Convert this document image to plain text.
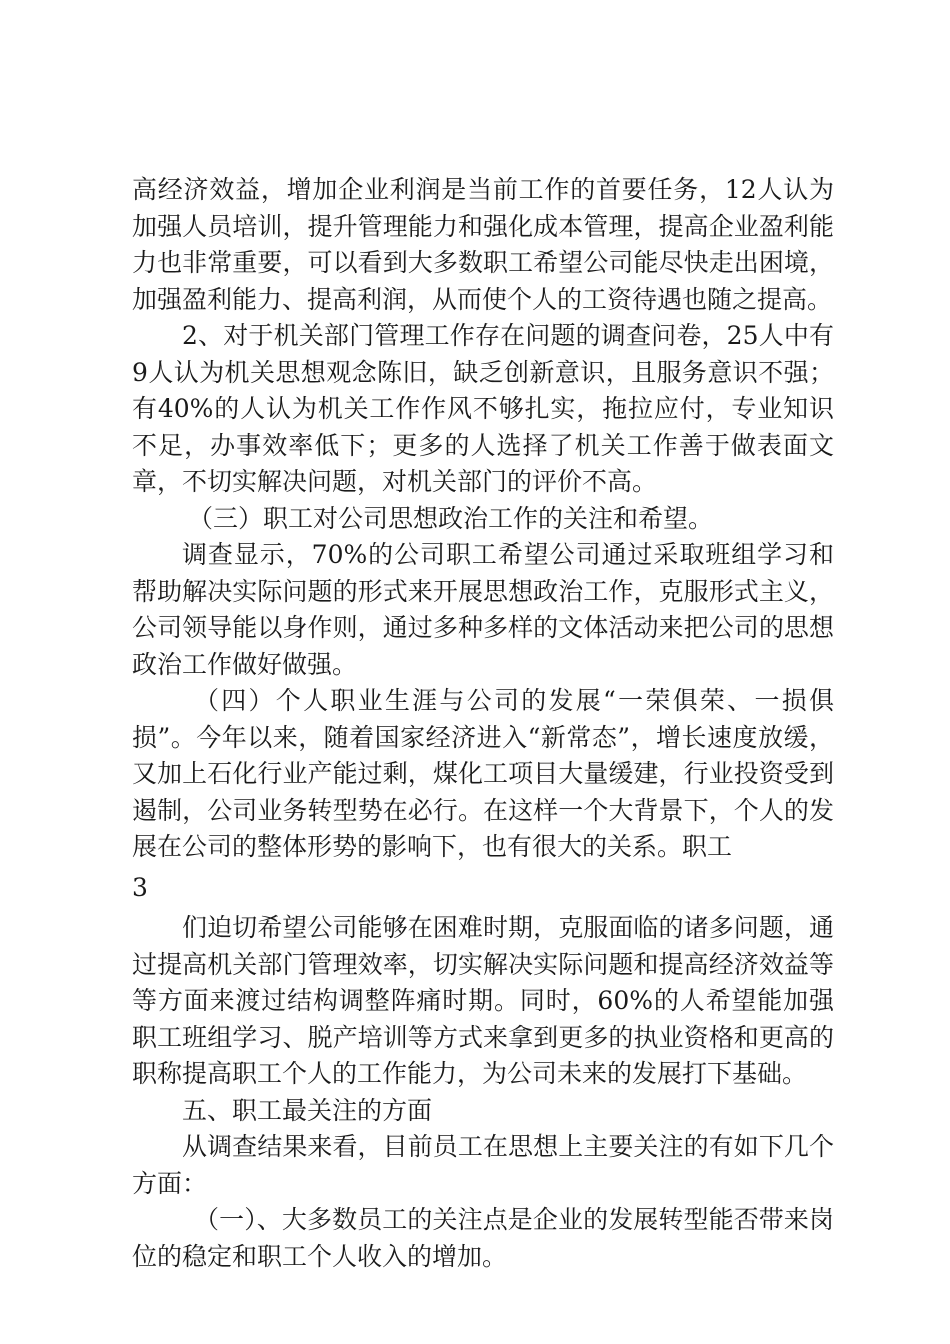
高经济效益，增加企业利润是当前工作的首要任务，12人认为加强人员培训，提升管理能力和强化成本管理，提高企业盈利能力也非常重要，可以看到大多数职工希望公司能尽快走出困境，加强盈利能力、提高利润，从而使个人的工资待遇也随之提高。

2、对于机关部门管理工作存在问题的调查问卷，25人中有9人认为机关思想观念陈旧，缺乏创新意识，且服务意识不强；有40%的人认为机关工作作风不够扎实，拖拉应付，专业知识不足，办事效率低下；更多的人选择了机关工作善于做表面文章，不切实解决问题，对机关部门的评价不高。

（三）职工对公司思想政治工作的关注和希望。

调查显示，70%的公司职工希望公司通过采取班组学习和帮助解决实际问题的形式来开展思想政治工作，克服形式主义，公司领导能以身作则，通过多种多样的文体活动来把公司的思想政治工作做好做强。

（四）个人职业生涯与公司的发展“一荣俱荣、一损俱损”。今年以来，随着国家经济进入“新常态”，增长速度放缓，又加上石化行业产能过剩，煤化工项目大量缓建，行业投资受到遏制，公司业务转型势在必行。在这样一个大背景下，个人的发展在公司的整体形势的影响下，也有很大的关系。职工

3

们迫切希望公司能够在困难时期，克服面临的诸多问题，通过提高机关部门管理效率，切实解决实际问题和提高经济效益等等方面来渡过结构调整阵痛时期。同时，60%的人希望能加强职工班组学习、脱产培训等方式来拿到更多的执业资格和更高的职称提高职工个人的工作能力，为公司未来的发展打下基础。

五、职工最关注的方面

从调查结果来看，目前员工在思想上主要关注的有如下几个方面：

（一）、大多数员工的关注点是企业的发展转型能否带来岗位的稳定和职工个人收入的增加。
